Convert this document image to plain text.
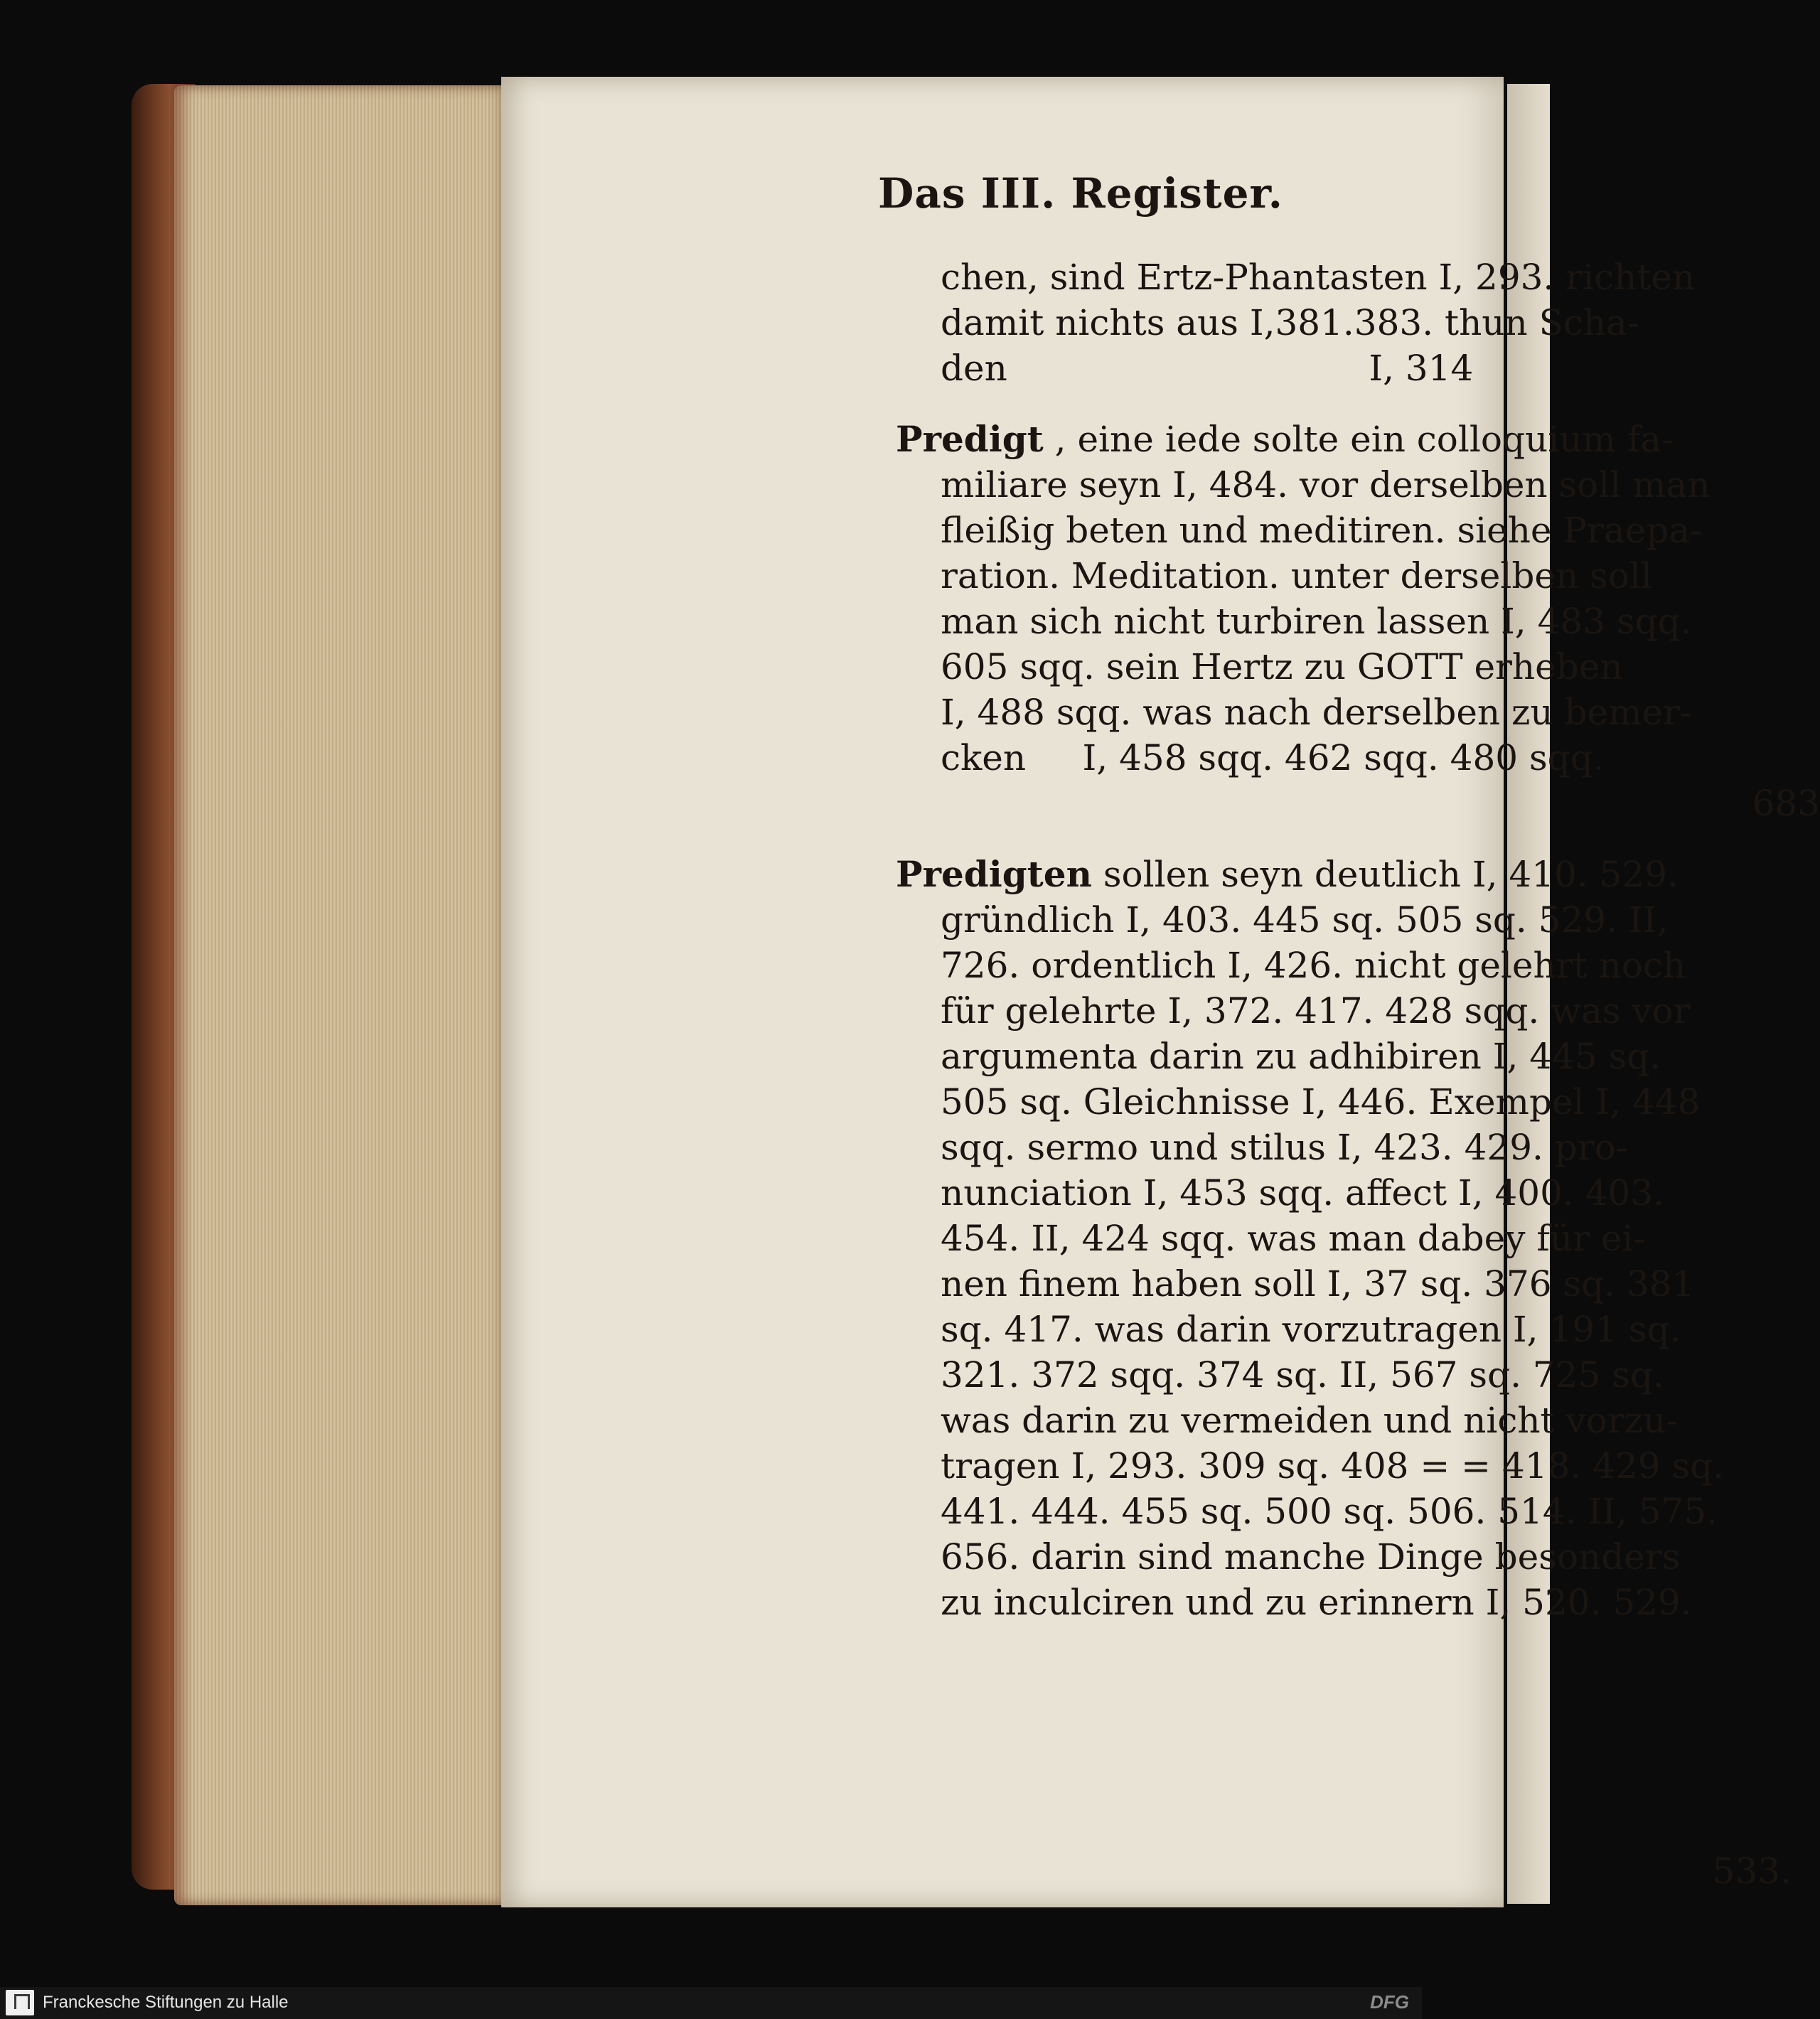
Das III. Register.
chen, sind Ertz-Phantasten I, 293. richten
damit nichts aus I,381.383. thun Scha-
den                                I, 314
Predigt , eine iede solte ein colloquium fa-
miliare seyn I, 484. vor derselben soll man
fleißig beten und meditiren. siehe Praepa-
ration. Meditation. unter derselben soll
man sich nicht turbiren lassen I, 483 sqq.
605 sqq. sein Hertz zu GOTT erheben
I, 488 sqq. was nach derselben zu bemer-
cken     I, 458 sqq. 462 sqq. 480 sqq.
683
Predigten sollen seyn deutlich I, 410. 529.
gründlich I, 403. 445 sq. 505 sq. 529. II,
726. ordentlich I, 426. nicht gelehrt noch
für gelehrte I, 372. 417. 428 sqq. was vor
argumenta darin zu adhibiren I, 445 sq.
505 sq. Gleichnisse I, 446. Exempel I, 448
sqq. sermo und stilus I, 423. 429. pro-
nunciation I, 453 sqq. affect I, 400. 403.
454. II, 424 sqq. was man dabey für ei-
nen finem haben soll I, 37 sq. 376 sq. 381
sq. 417. was darin vorzutragen I, 191 sq.
321. 372 sqq. 374 sq. II, 567 sq. 725 sq.
was darin zu vermeiden und nicht vorzu-
tragen I, 293. 309 sq. 408 = = 418. 429 sq.
441. 444. 455 sq. 500 sq. 506. 514. II, 575.
656. darin sind manche Dinge besonders
zu inculciren und zu erinnern I, 520. 529.
533.
Franckesche Stiftungen zu Halle	DFG
